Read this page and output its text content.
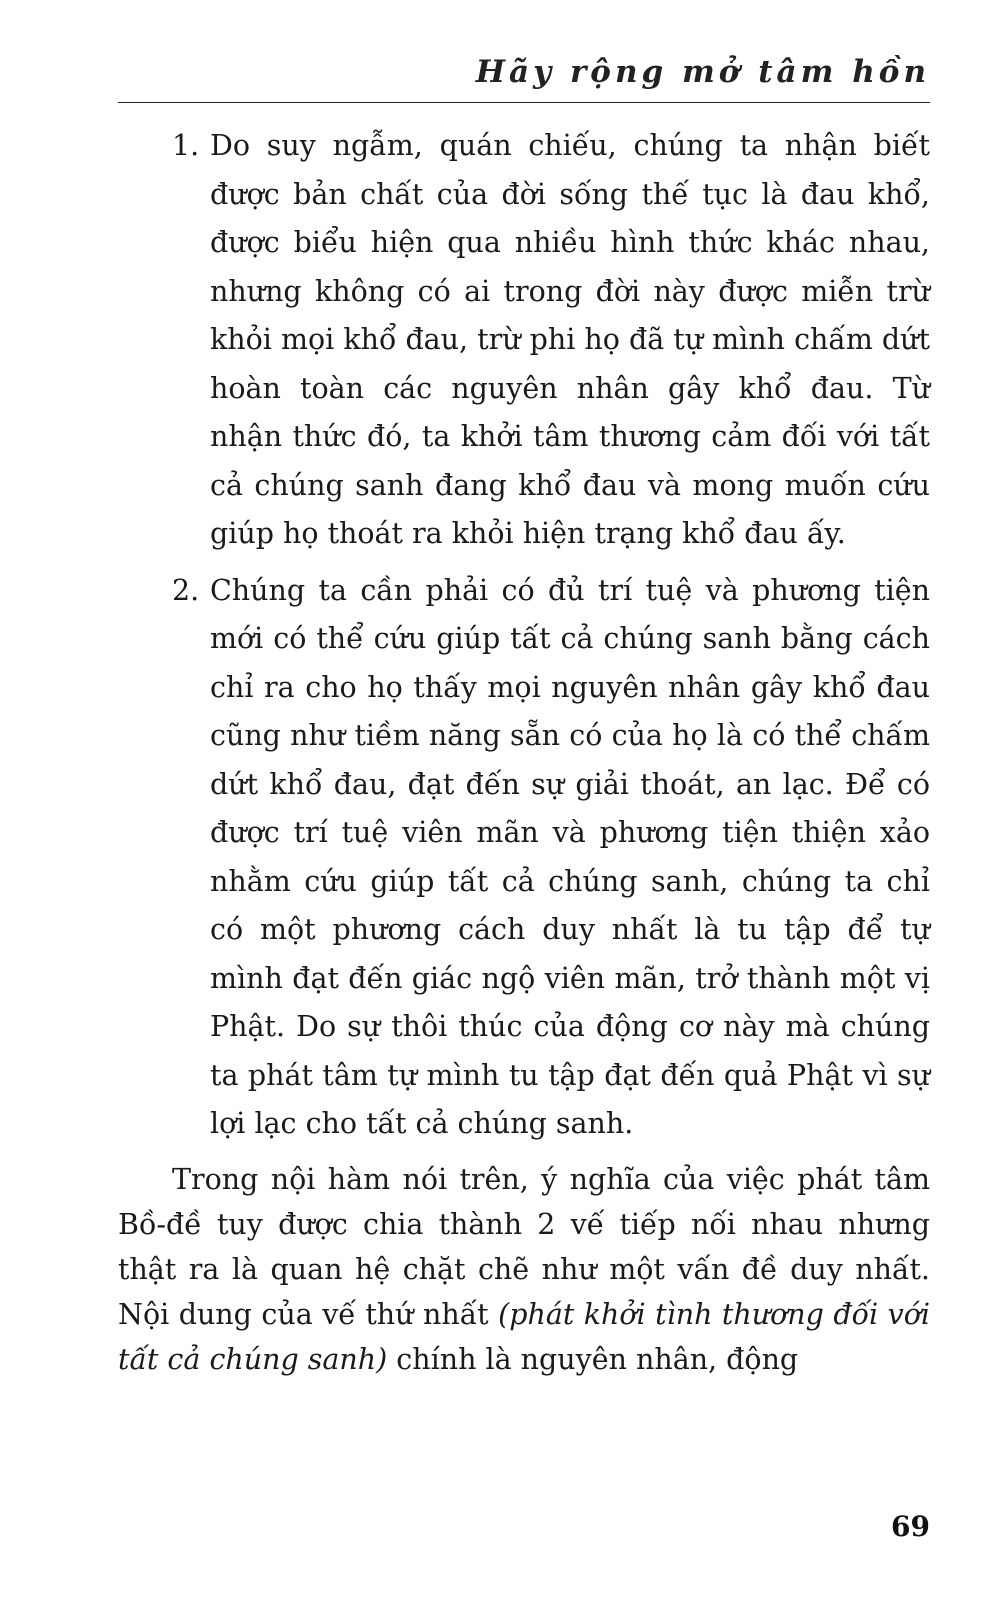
Hãy rộng mở tâm hồn
1. Do suy ngẫm, quán chiếu, chúng ta nhận biết được bản chất của đời sống thế tục là đau khổ, được biểu hiện qua nhiều hình thức khác nhau, nhưng không có ai trong đời này được miễn trừ khỏi mọi khổ đau, trừ phi họ đã tự mình chấm dứt hoàn toàn các nguyên nhân gây khổ đau. Từ nhận thức đó, ta khởi tâm thương cảm đối với tất cả chúng sanh đang khổ đau và mong muốn cứu giúp họ thoát ra khỏi hiện trạng khổ đau ấy.
2. Chúng ta cần phải có đủ trí tuệ và phương tiện mới có thể cứu giúp tất cả chúng sanh bằng cách chỉ ra cho họ thấy mọi nguyên nhân gây khổ đau cũng như tiềm năng sẵn có của họ là có thể chấm dứt khổ đau, đạt đến sự giải thoát, an lạc. Để có được trí tuệ viên mãn và phương tiện thiện xảo nhằm cứu giúp tất cả chúng sanh, chúng ta chỉ có một phương cách duy nhất là tu tập để tự mình đạt đến giác ngộ viên mãn, trở thành một vị Phật. Do sự thôi thúc của động cơ này mà chúng ta phát tâm tự mình tu tập đạt đến quả Phật vì sự lợi lạc cho tất cả chúng sanh.

Trong nội hàm nói trên, ý nghĩa của việc phát tâm Bồ-đề tuy được chia thành 2 vế tiếp nối nhau nhưng thật ra là quan hệ chặt chẽ như một vấn đề duy nhất. Nội dung của vế thứ nhất (phát khởi tình thương đối với tất cả chúng sanh) chính là nguyên nhân, động

69
